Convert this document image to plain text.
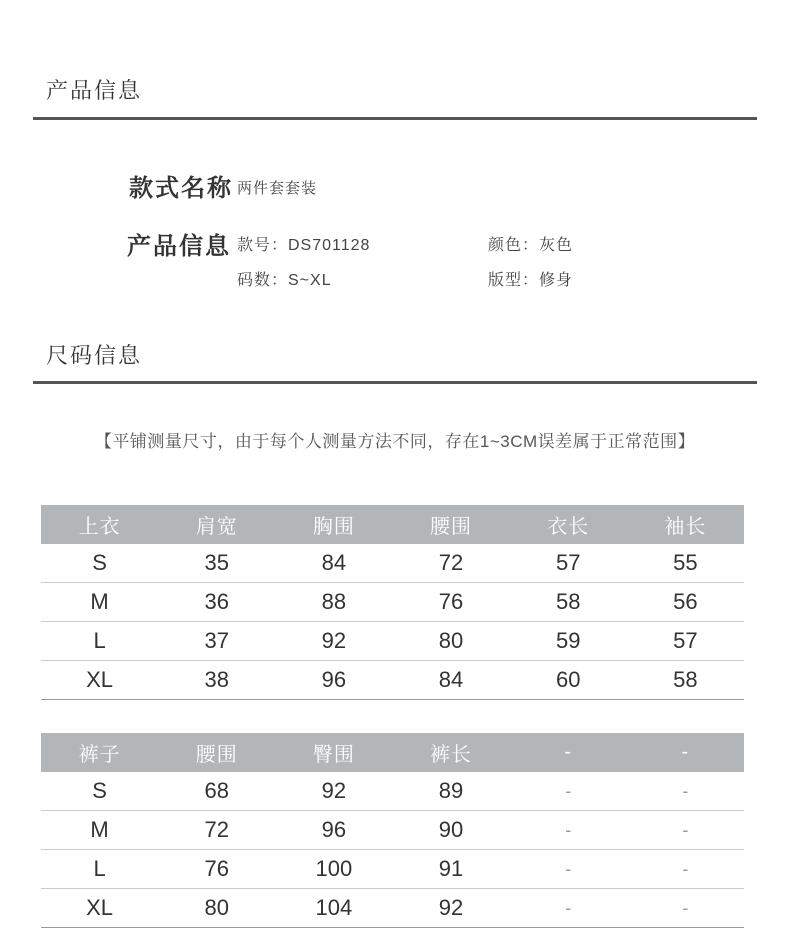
产品信息
款式名称 两件套套装
产品信息 款号：DS701128	颜色：灰色
码数：S~XL	版型：修身
尺码信息
【平铺测量尺寸，由于每个人测量方法不同，存在1~3CM误差属于正常范围】
上衣	肩宽	胸围	腰围	衣长	袖长
S	35	84	72	57	55
M	36	88	76	58	56
L	37	92	80	59	57
XL	38	96	84	60	58
裤子	腰围	臀围	裤长	-	-
S	68	92	89	-	-
M	72	96	90	-	-
L	76	100	91	-	-
XL	80	104	92	-	-
